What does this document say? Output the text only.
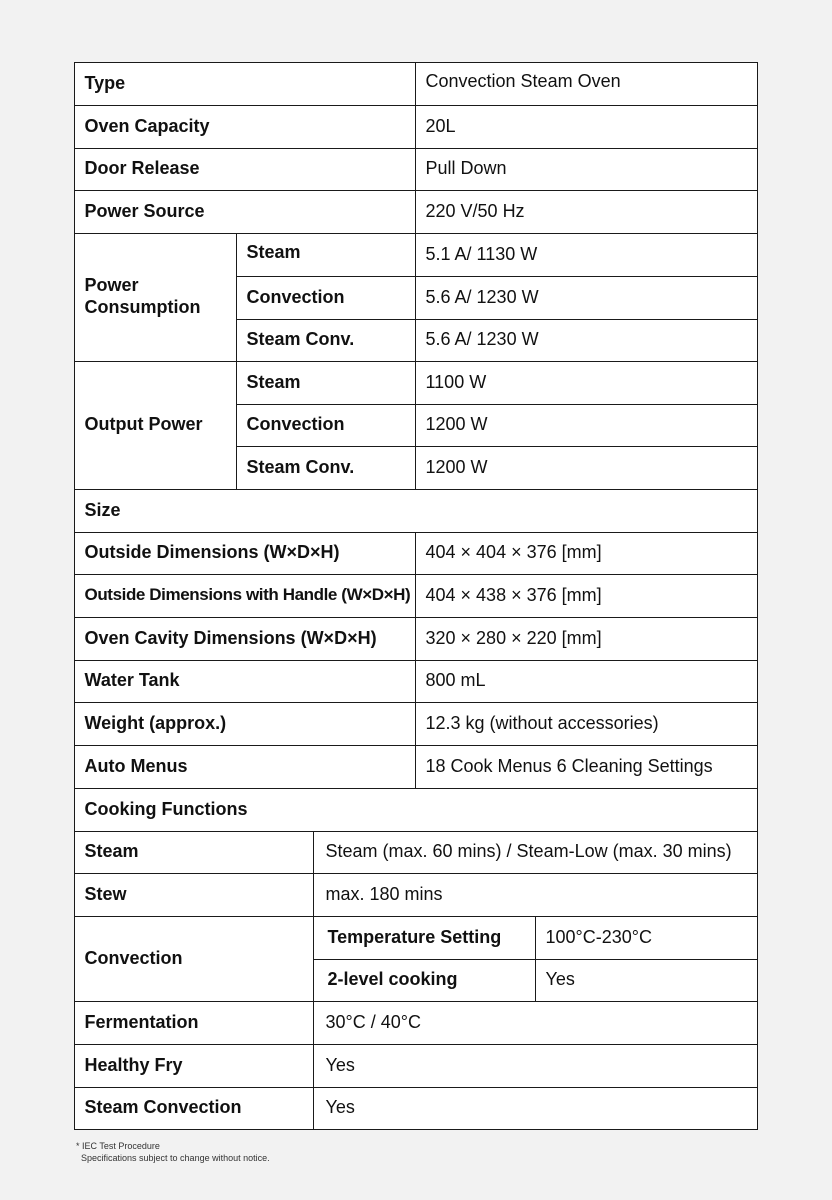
Type	Convection Steam Oven
Oven Capacity	20L
Door Release	Pull Down
Power Source	220 V/50 Hz
Power Consumption
Steam	5.1 A/ 1130 W
Convection	5.6 A/ 1230 W
Steam Conv.	5.6 A/ 1230 W
Output Power
Steam	1100 W
Convection	1200 W
Steam Conv.	1200 W
Size
Outside Dimensions (W×D×H)	404 × 404 × 376 [mm]
Outside Dimensions with Handle (W×D×H) 404 × 438 × 376 [mm]
Oven Cavity Dimensions (W×D×H)	320 × 280 × 220 [mm]
Water Tank	800 mL
Weight (approx.)	12.3 kg (without accessories)
Auto Menus	18 Cook Menus 6 Cleaning Settings
Cooking Functions
Steam	Steam (max. 60 mins) / Steam-Low (max. 30 mins)
Stew	max. 180 mins
Convection
Temperature Setting	100°C-230°C
2-level cooking	Yes
Fermentation	30°C / 40°C
Healthy Fry	Yes
Steam Convection	Yes
* IEC Test Procedure
Specifications subject to change without notice.
